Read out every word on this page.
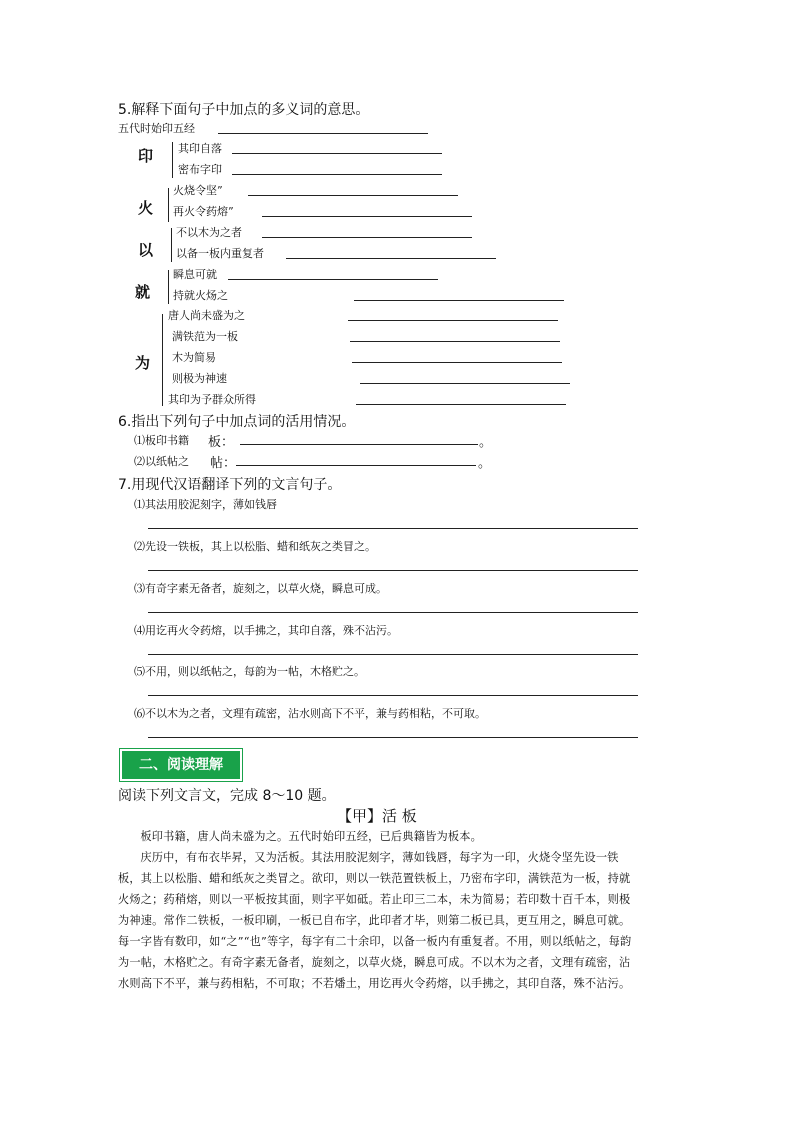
5.解释下面句子中加点的多义词的意思。
五代时始印五经
印 其印自落
密布字印
火
火烧令坚”
再火令药熔”
以
不以木为之者
以备一板内重复者
就
瞬息可就
持就火炀之
为
唐人尚未盛为之
满铁范为一板
木为简易
则极为神速
其印为予群众所得
6.指出下列句子中加点词的活用情况。
⑴板印书籍 板：	。
⑵以纸帖之 帖：	。
7.用现代汉语翻译下列的文言句子。
⑴其法用胶泥刻字，薄如钱唇
⑵先设一铁板，其上以松脂、蜡和纸灰之类冒之。
⑶有奇字素无备者，旋刻之，以草火烧，瞬息可成。
⑷用讫再火令药熔，以手拂之，其印自落，殊不沾污。
⑸不用，则以纸帖之，每韵为一帖，木格贮之。
⑹不以木为之者，文理有疏密，沾水则高下不平，兼与药相粘，不可取。
二、阅读理解
阅读下列文言文，完成 8～10 题。
【甲】活 板
板印书籍，唐人尚未盛为之。五代时始印五经，已后典籍皆为板本。
庆历中，有布衣毕昇，又为活板。其法用胶泥刻字，薄如钱唇，每字为一印，火烧令坚先设一铁板，其上以松脂、蜡和纸灰之类冒之。欲印，则以一铁范置铁板上，乃密布字印，满铁范为一板，持就火炀之；药稍熔，则以一平板按其面，则字平如砥。若止印三二本，未为简易；若印数十百千本，则极为神速。常作二铁板，一板印刷，一板已自布字，此印者才毕，则第二板已具，更互用之，瞬息可就。每一字皆有数印，如“之”“也”等字，每字有二十余印，以备一板内有重复者。不用，则以纸帖之，每韵为一帖，木格贮之。有奇字素无备者，旋刻之，以草火烧，瞬息可成。不以木为之者，文理有疏密，沾水则高下不平，兼与药相粘，不可取；不若燔土，用讫再火令药熔，以手拂之，其印自落，殊不沾污。
